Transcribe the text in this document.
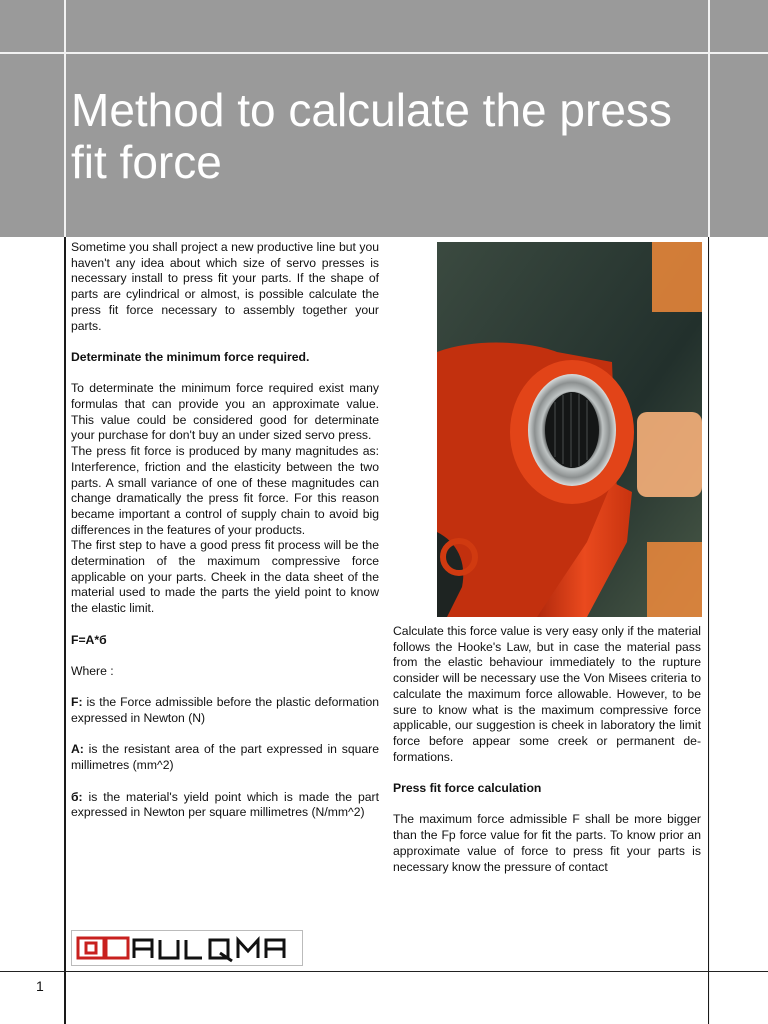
Method to calculate the press fit force

Sometime you shall project a new productive line but you haven't any idea about which size of servo presses is necessary install to press fit your parts. If the shape of parts are cylindrical or almost, is possible calculate the press fit force necessary to assembly together your parts.

Determinate the minimum force required.

To determinate the minimum force required exist many formulas that can provide you an approximate value. This value could be considered good for determinate your purchase for don't buy an under sized servo press.

The press fit force is produced by many magnitudes as: Interference, friction and the elasticity between the two parts. A small variance of one of these magnitudes can change dramatically the press fit force. For this reason became important a control of supply chain to avoid big differences in the features of your products.

The first step to have a good press fit process will be the determination of the maximum compressive force applicable on your parts. Cheek in the data sheet of the material used to made the parts the yield point to know the elastic limit.

F=A*б

Where :

F: is the Force admissible before the plastic deformation expressed in Newton (N)

A: is the resistant area of the part expressed in square millimetres (mm^2)

б: is the material's yield point which is made the part expressed in Newton per square millimetres (N/mm^2)

Calculate this force value is very easy only if the material follows the Hooke's Law, but in case the material pass from the elastic behaviour immediately to the rupture consider will be necessary use the Von Misees criteria to calculate the maximum force allowable. However, to be sure to know what is the maximum compressive force applicable, our suggestion is cheek in laboratory the limit force before appear some creek or permanent de-formations.

Press fit force calculation

The maximum force admissible F shall be more bigger than the Fp force value for fit the parts. To know prior an approximate value of force to press fit your parts is necessary know the pressure of contact

1
